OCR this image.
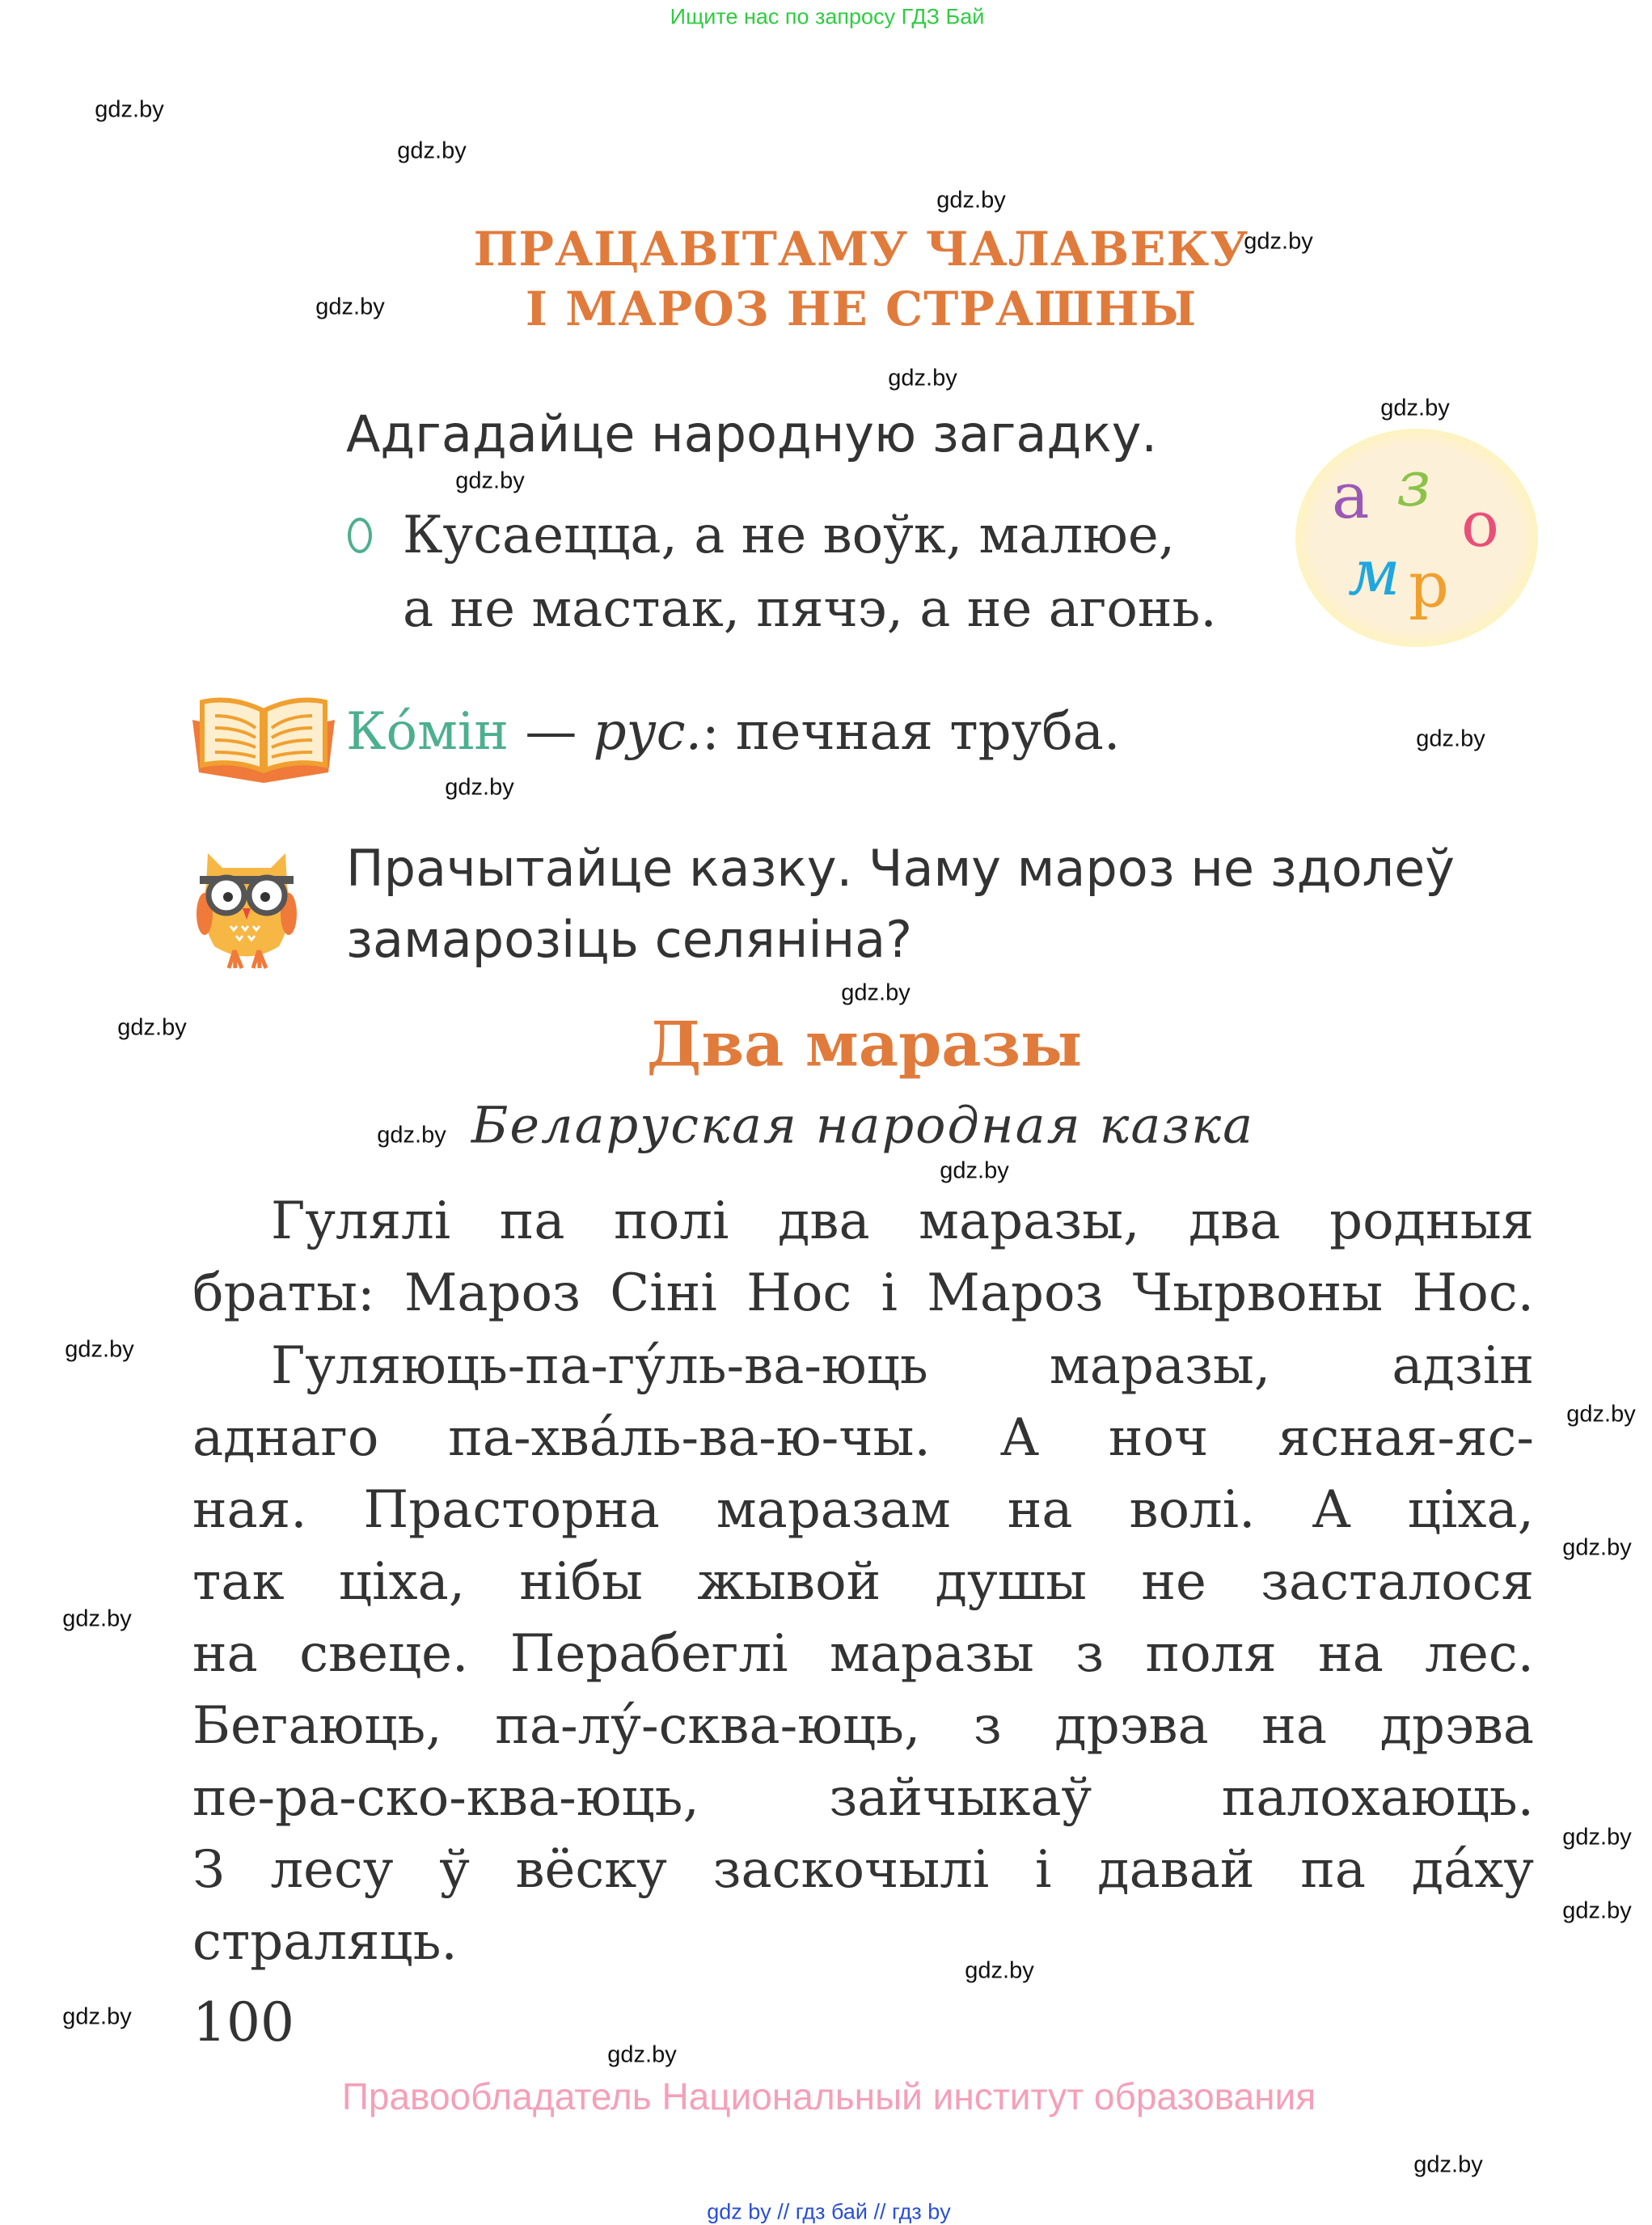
Ищите нас по запросу ГДЗ Бай
gdz.by
gdz.by
gdz.by
gdz.by
gdz.by
gdz.by
gdz.by
gdz.by
gdz.by
gdz.by
gdz.by
gdz.by
gdz.by
gdz.by
gdz.by
gdz.by
gdz.by
gdz.by
gdz.by
gdz.by
gdz.by
gdz.by
gdz.by
gdz.by
ПРАЦАВІТАМУ ЧАЛАВЕКУ
І МАРОЗ НЕ СТРАШНЫ
Адгадайце народную загадку.
Кусаецца, а не воўк, малюе,
а не мастак, пячэ, а не агонь.
а з
о
м р
Ко́мін — рус.: печная труба.
Прачытайце казку. Чаму мароз не здолеў
замарозіць селяніна?
Два маразы
Беларуская народная казка
Гулялі па полі два маразы, два родныя
браты: Мароз Сіні Нос і Мароз Чырвоны Нос.
Гуляюць-па-гу́ль-ва-юць маразы, адзін
аднаго па-хва́ль-ва-ю-чы. А ноч ясная-яс-
ная. Прасторна маразам на волі. А ціха,
так ціха, нібы жывой душы не засталося
на свеце. Перабеглі маразы з поля на лес.
Бегаюць, па-лу́-сква-юць, з дрэва на дрэва
пе-ра-ско-ква-юць, зайчыкаў палохаюць.
З лесу ў вёску заскочылі і давай па да́ху
страляць.
100
Правообладатель Национальный институт образования
gdz by // гдз бай // гдз by
